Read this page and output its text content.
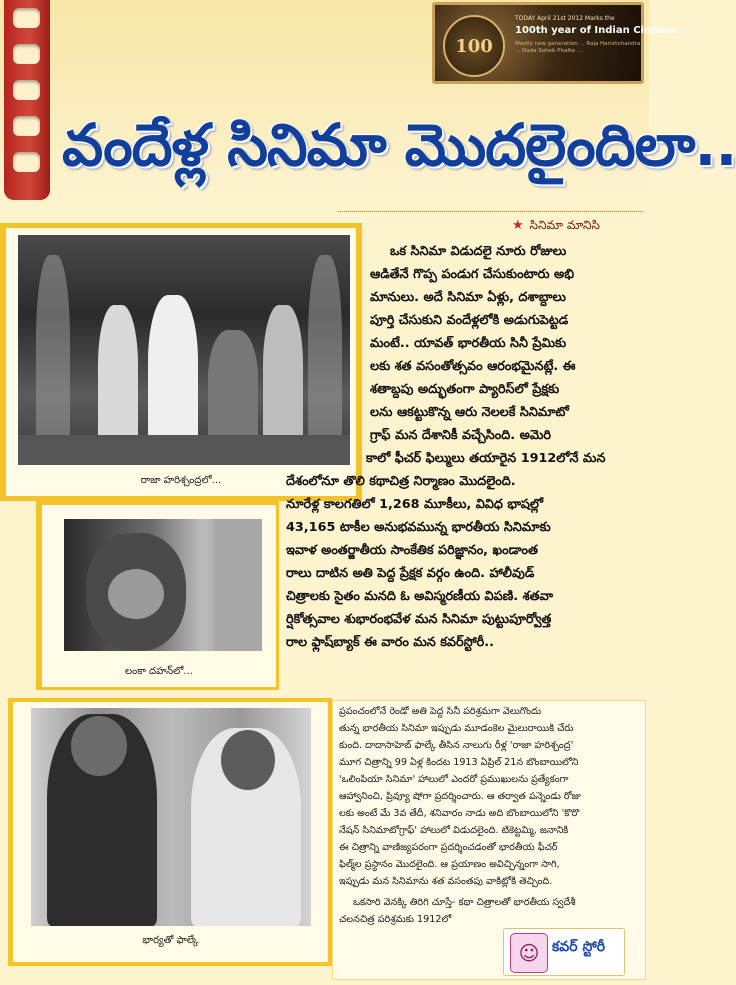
100
TODAY April 21st 2012 Marks the
100th year of Indian Cinema...
Mostly new generation ... Raja Harishchandra ... Dada Saheb Phalke ...
వందేళ్ల సినిమా మొదలైందిలా..
★ సినిమా మానిసి
రాజా హరిశ్చంద్రలో...
లంకా దహన్‌లో...
భార్యతో ఫాల్కే
ఒక సినిమా విడుదలై నూరు రోజులు
ఆడితేనే గొప్ప పండుగ చేసుకుంటారు అభి
మానులు. అదే సినిమా ఏళ్లు, దశాబ్దాలు
పూర్తి చేసుకుని వందేళ్లలోకి అడుగుపెట్టడ
మంటే.. యావత్ భారతీయ సినీ ప్రేమికు
లకు శత వసంతోత్సవం ఆరంభమైనట్లే. ఈ
శతాబ్దపు అద్భుతంగా ప్యారిస్‌లో ప్రేక్షకు
లను ఆకట్టుకొన్న ఆరు నెలలకే సినిమాటో
గ్రాఫ్ మన దేశానికీ వచ్చేసింది. అమెరి
కాలో ఫీచర్ ఫిల్ములు తయారైన 1912లోనే మన
దేశంలోనూ తొలి కథాచిత్ర నిర్మాణం మొదలైంది.
నూరేళ్ల కాలగతిలో 1,268 మూకీలు, వివిధ భాషల్లో
43,165 టాకీల అనుభవమున్న భారతీయ సినిమాకు
ఇవాళ అంతర్జాతీయ సాంకేతిక పరిజ్ఞానం, ఖండాంత
రాలు దాటిన అతి పెద్ద ప్రేక్షక వర్గం ఉంది. హాలీవుడ్
చిత్రాలకు సైతం మనది ఓ అవిస్మరణీయ విపణి. శతవా
ర్షికోత్సవాల శుభారంభవేళ మన సినిమా పుట్టుపూర్వోత్త
రాల ఫ్లాష్‌బ్యాక్ ఈ వారం మన కవర్‌స్టోరీ..
ప్రపంచంలోనే రెండో అతి పెద్ద సినీ పరిశ్రమగా వెలుగొందు
తున్న భారతీయ సినిమా ఇప్పుడు మూడంకెల మైలురాయికి చేరు
కుంది. దాదాసాహెబ్ ఫాల్కే తీసిన నాలుగు రీళ్ల 'రాజా హరిశ్చంద్ర'
మూగ చిత్రాన్ని 99 ఏళ్ల కిందట 1913 ఏప్రిల్ 21న బొంబాయిలోని
'ఒలింపియా సినిమా' హాలులో ఎందరో ప్రముఖులను ప్రత్యేకంగా
ఆహ్వానించి, ప్రివ్యూ షోగా ప్రదర్శించారు. ఆ తర్వాత పన్నెండు రోజు
లకు అంటే మే 3వ తేదీ, శనివారం నాడు అది బొంబాయిలోని 'కొరొ
నేషన్ సినిమాటోగ్రాఫ్' హాలులో విడుదలైంది. టికెట్టమ్మి, జనానికి
ఈ చిత్రాన్ని వాణిజ్యపరంగా ప్రదర్శించడంతో భారతీయ ఫీచర్
ఫిల్మ్‌ల ప్రస్థానం మొదలైంది. ఆ ప్రయాణం అవిచ్ఛిన్నంగా సాగి,
ఇప్పుడు మన సినిమాను శత వసంతపు వాకిట్లోకి తెచ్చింది.
ఒకసారి వెనక్కి తిరిగి చూస్తే- కథా చిత్రాలతో భారతీయ స్వదేశీ
చలనచిత్ర పరిశ్రమకు 1912లో
☺ కవర్ స్టోరీ
